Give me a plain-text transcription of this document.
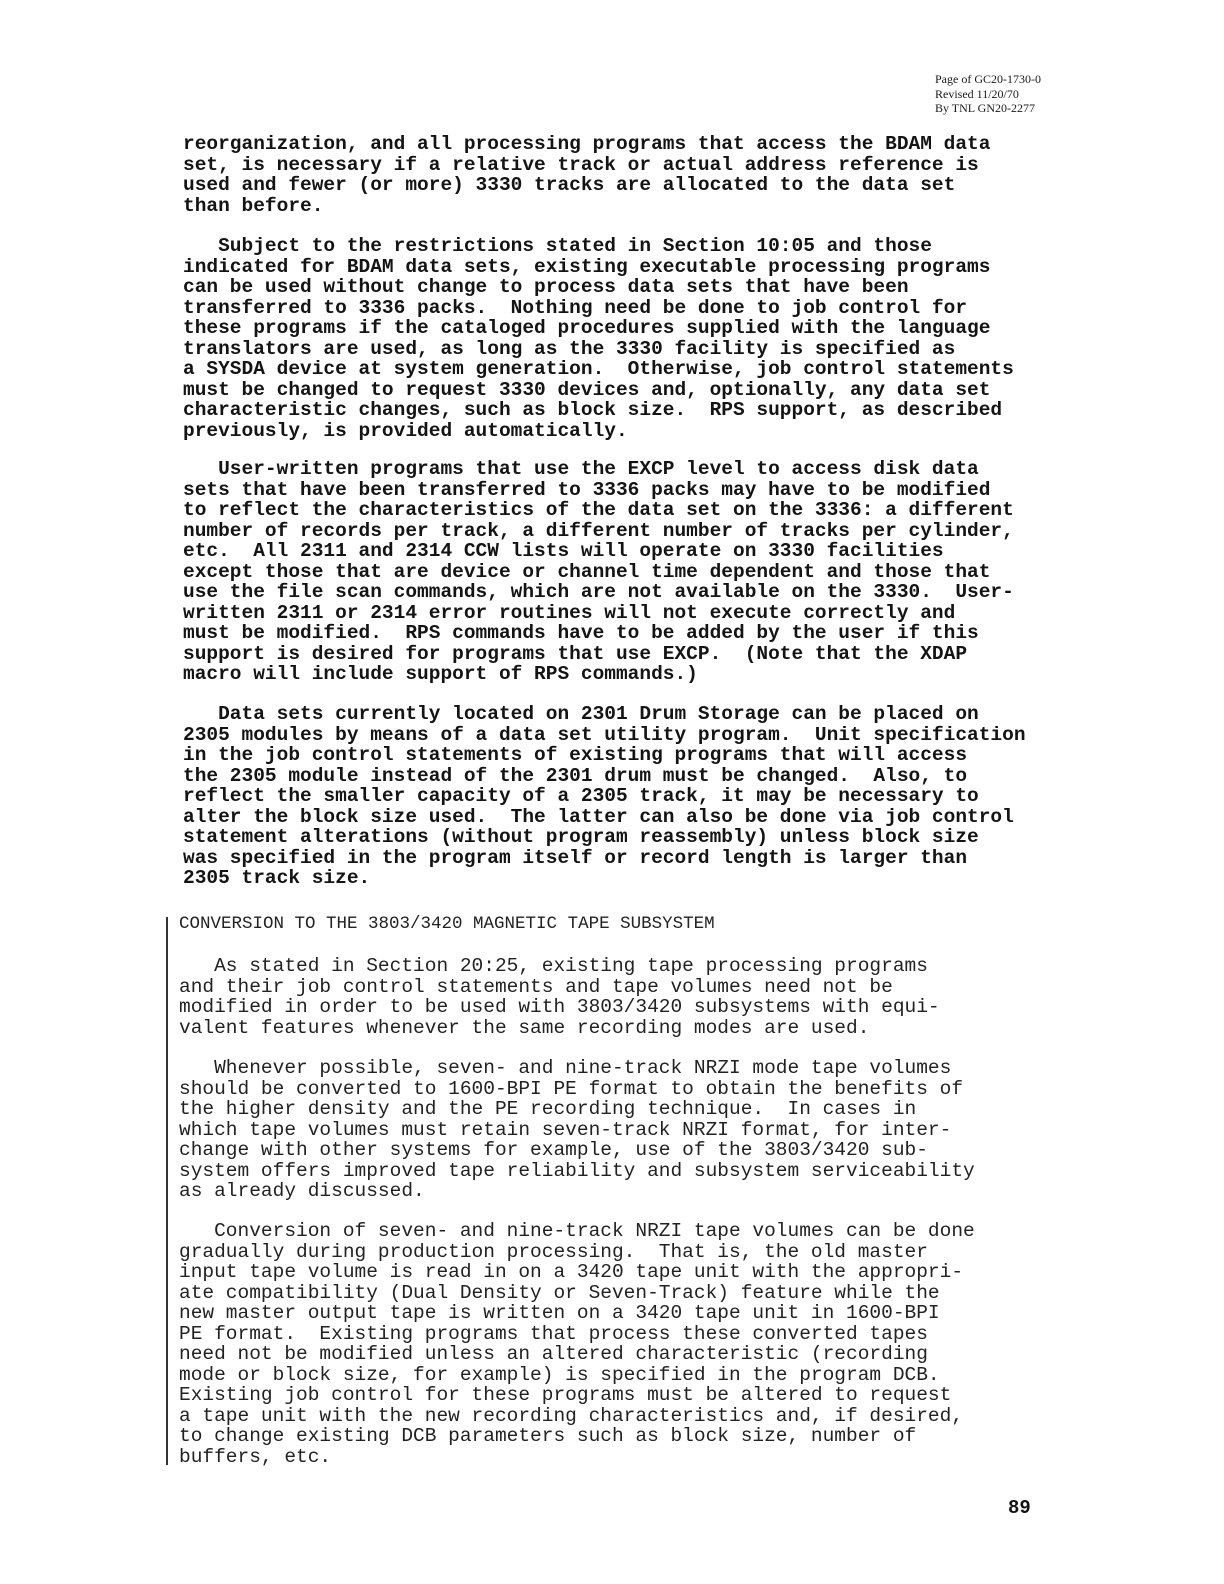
Page of GC20-1730-0
Revised 11/20/70
By TNL GN20-2277
reorganization, and all processing programs that access the BDAM data
set, is necessary if a relative track or actual address reference is
used and fewer (or more) 3330 tracks are allocated to the data set
than before.
Subject to the restrictions stated in Section 10:05 and those
indicated for BDAM data sets, existing executable processing programs
can be used without change to process data sets that have been
transferred to 3336 packs.  Nothing need be done to job control for
these programs if the cataloged procedures supplied with the language
translators are used, as long as the 3330 facility is specified as
a SYSDA device at system generation.  Otherwise, job control statements
must be changed to request 3330 devices and, optionally, any data set
characteristic changes, such as block size.  RPS support, as described
previously, is provided automatically.
User-written programs that use the EXCP level to access disk data
sets that have been transferred to 3336 packs may have to be modified
to reflect the characteristics of the data set on the 3336: a different
number of records per track, a different number of tracks per cylinder,
etc.  All 2311 and 2314 CCW lists will operate on 3330 facilities
except those that are device or channel time dependent and those that
use the file scan commands, which are not available on the 3330.  User-
written 2311 or 2314 error routines will not execute correctly and
must be modified.  RPS commands have to be added by the user if this
support is desired for programs that use EXCP.  (Note that the XDAP
macro will include support of RPS commands.)
Data sets currently located on 2301 Drum Storage can be placed on
2305 modules by means of a data set utility program.  Unit specification
in the job control statements of existing programs that will access
the 2305 module instead of the 2301 drum must be changed.  Also, to
reflect the smaller capacity of a 2305 track, it may be necessary to
alter the block size used.  The latter can also be done via job control
statement alterations (without program reassembly) unless block size
was specified in the program itself or record length is larger than
2305 track size.
CONVERSION TO THE 3803/3420 MAGNETIC TAPE SUBSYSTEM
As stated in Section 20:25, existing tape processing programs
and their job control statements and tape volumes need not be
modified in order to be used with 3803/3420 subsystems with equi-
valent features whenever the same recording modes are used.
Whenever possible, seven- and nine-track NRZI mode tape volumes
should be converted to 1600-BPI PE format to obtain the benefits of
the higher density and the PE recording technique.  In cases in
which tape volumes must retain seven-track NRZI format, for inter-
change with other systems for example, use of the 3803/3420 sub-
system offers improved tape reliability and subsystem serviceability
as already discussed.
Conversion of seven- and nine-track NRZI tape volumes can be done
gradually during production processing.  That is, the old master
input tape volume is read in on a 3420 tape unit with the appropri-
ate compatibility (Dual Density or Seven-Track) feature while the
new master output tape is written on a 3420 tape unit in 1600-BPI
PE format.  Existing programs that process these converted tapes
need not be modified unless an altered characteristic (recording
mode or block size, for example) is specified in the program DCB.
Existing job control for these programs must be altered to request
a tape unit with the new recording characteristics and, if desired,
to change existing DCB parameters such as block size, number of
buffers, etc.
89
